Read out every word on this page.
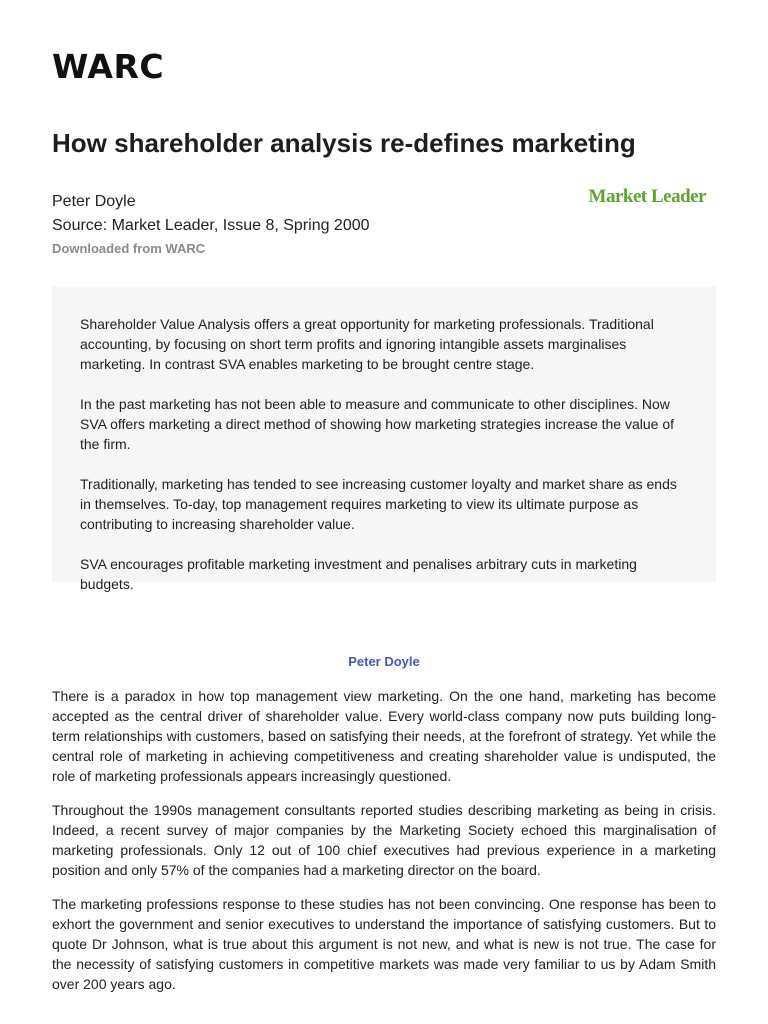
WARC
How shareholder analysis re-defines marketing
Peter Doyle
Source: Market Leader, Issue 8, Spring 2000
Downloaded from WARC
Market Leader

Shareholder Value Analysis offers a great opportunity for marketing professionals. Traditional accounting, by focusing on short term profits and ignoring intangible assets marginalises marketing. In contrast SVA enables marketing to be brought centre stage.

In the past marketing has not been able to measure and communicate to other disciplines. Now SVA offers marketing a direct method of showing how marketing strategies increase the value of the firm.

Traditionally, marketing has tended to see increasing customer loyalty and market share as ends in themselves. To-day, top management requires marketing to view its ultimate purpose as contributing to increasing shareholder value.

SVA encourages profitable marketing investment and penalises arbitrary cuts in marketing budgets.

Peter Doyle

There is a paradox in how top management view marketing. On the one hand, marketing has become accepted as the central driver of shareholder value. Every world-class company now puts building long-term relationships with customers, based on satisfying their needs, at the forefront of strategy. Yet while the central role of marketing in achieving competitiveness and creating shareholder value is undisputed, the role of marketing professionals appears increasingly questioned.

Throughout the 1990s management consultants reported studies describing marketing as being in crisis. Indeed, a recent survey of major companies by the Marketing Society echoed this marginalisation of marketing professionals. Only 12 out of 100 chief executives had previous experience in a marketing position and only 57% of the companies had a marketing director on the board.

The marketing professions response to these studies has not been convincing. One response has been to exhort the government and senior executives to understand the importance of satisfying customers. But to quote Dr Johnson, what is true about this argument is not new, and what is new is not true. The case for the necessity of satisfying customers in competitive markets was made very familiar to us by Adam Smith over 200 years ago.
